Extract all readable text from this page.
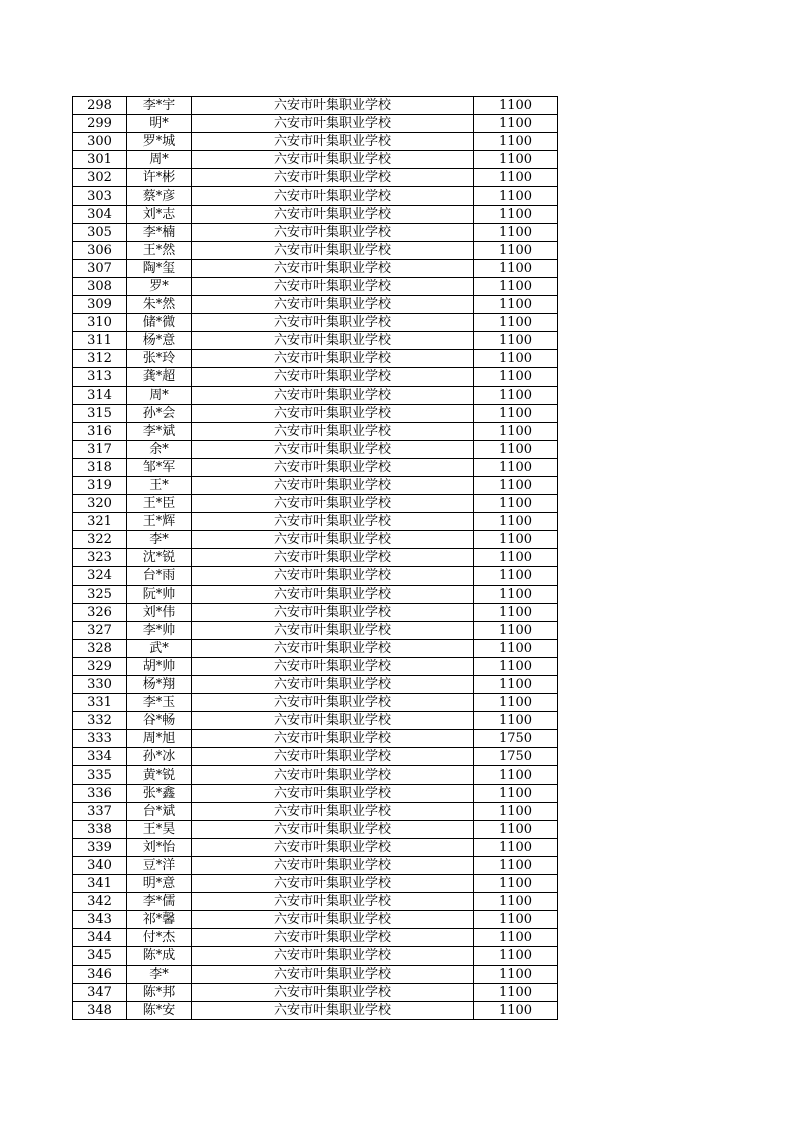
298	李*宇	六安市叶集职业学校	1100
299	明*	六安市叶集职业学校	1100
300	罗*城	六安市叶集职业学校	1100
301	周*	六安市叶集职业学校	1100
302	许*彬	六安市叶集职业学校	1100
303	蔡*彦	六安市叶集职业学校	1100
304	刘*志	六安市叶集职业学校	1100
305	李*楠	六安市叶集职业学校	1100
306	王*然	六安市叶集职业学校	1100
307	陶*玺	六安市叶集职业学校	1100
308	罗*	六安市叶集职业学校	1100
309	朱*然	六安市叶集职业学校	1100
310	储*微	六安市叶集职业学校	1100
311	杨*意	六安市叶集职业学校	1100
312	张*玲	六安市叶集职业学校	1100
313	龚*超	六安市叶集职业学校	1100
314	周*	六安市叶集职业学校	1100
315	孙*会	六安市叶集职业学校	1100
316	李*斌	六安市叶集职业学校	1100
317	余*	六安市叶集职业学校	1100
318	邹*军	六安市叶集职业学校	1100
319	王*	六安市叶集职业学校	1100
320	王*臣	六安市叶集职业学校	1100
321	王*辉	六安市叶集职业学校	1100
322	李*	六安市叶集职业学校	1100
323	沈*锐	六安市叶集职业学校	1100
324	台*雨	六安市叶集职业学校	1100
325	阮*帅	六安市叶集职业学校	1100
326	刘*伟	六安市叶集职业学校	1100
327	李*帅	六安市叶集职业学校	1100
328	武*	六安市叶集职业学校	1100
329	胡*帅	六安市叶集职业学校	1100
330	杨*翔	六安市叶集职业学校	1100
331	李*玉	六安市叶集职业学校	1100
332	谷*畅	六安市叶集职业学校	1100
333	周*旭	六安市叶集职业学校	1750
334	孙*冰	六安市叶集职业学校	1750
335	黄*锐	六安市叶集职业学校	1100
336	张*鑫	六安市叶集职业学校	1100
337	台*斌	六安市叶集职业学校	1100
338	王*昊	六安市叶集职业学校	1100
339	刘*怡	六安市叶集职业学校	1100
340	豆*洋	六安市叶集职业学校	1100
341	明*意	六安市叶集职业学校	1100
342	李*儒	六安市叶集职业学校	1100
343	祁*馨	六安市叶集职业学校	1100
344	付*杰	六安市叶集职业学校	1100
345	陈*成	六安市叶集职业学校	1100
346	李*	六安市叶集职业学校	1100
347	陈*邦	六安市叶集职业学校	1100
348	陈*安	六安市叶集职业学校	1100
